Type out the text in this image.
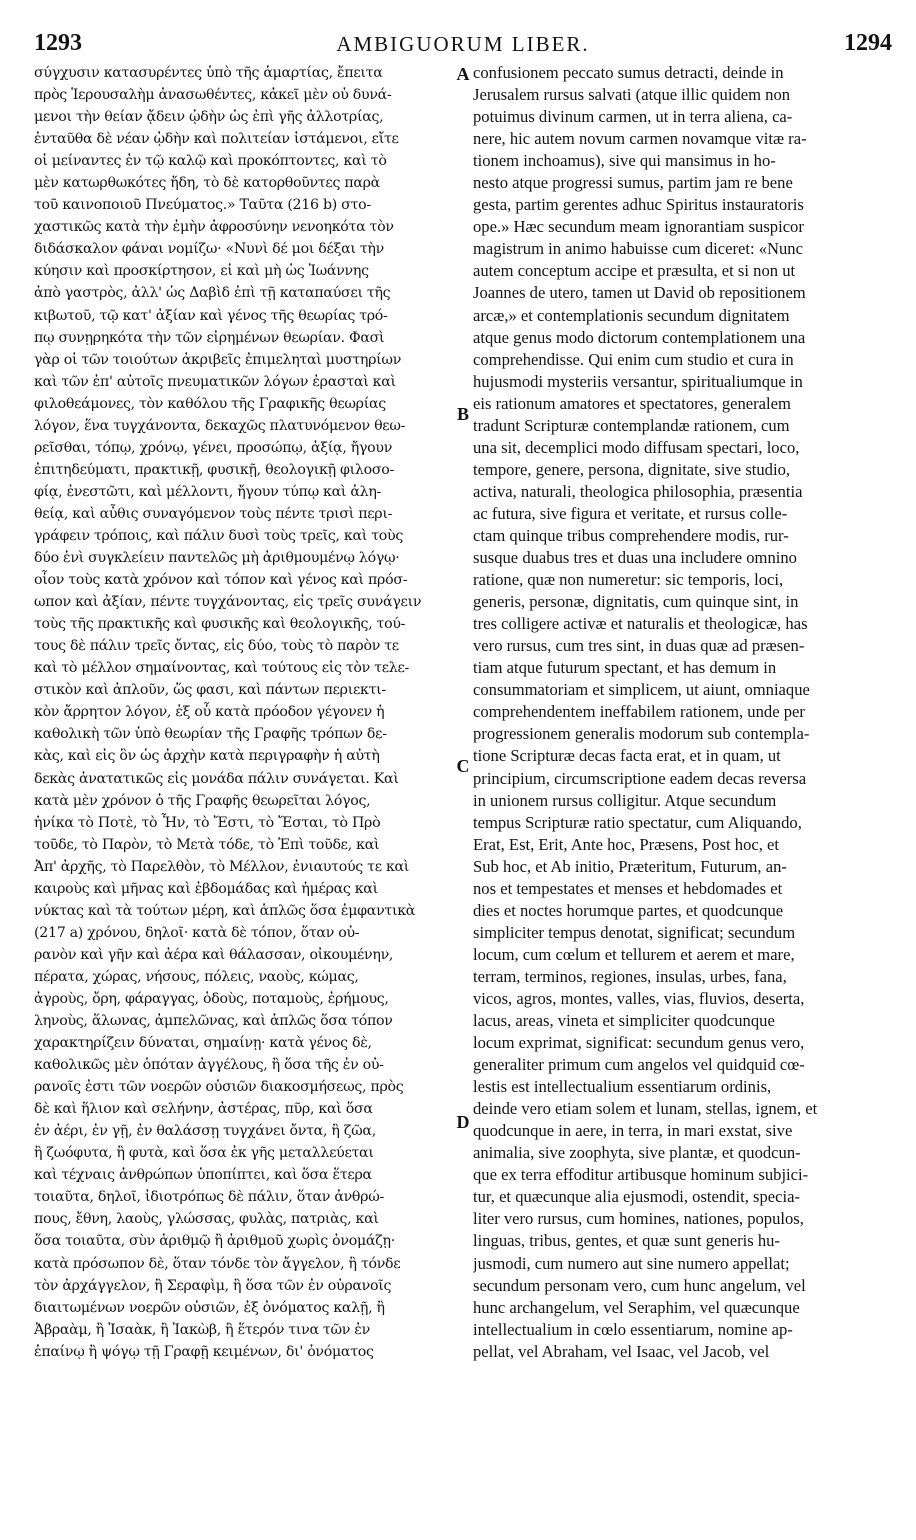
1293	AMBIGUORUM LIBER.	1294
σύγχυσιν κατασυρέντες ὑπὸ τῆς ἁμαρτίας, ἔπειτα
πρὸς Ἱερουσαλὴμ ἀνασωθέντες, κἀκεῖ μὲν οὐ δυνά-
μενοι τὴν θείαν ᾄδειν ᾠδὴν ὡς ἐπὶ γῆς ἀλλοτρίας,
ἐνταῦθα δὲ νέαν ᾠδὴν καὶ πολιτείαν ἱστάμενοι, εἴτε
οἱ μείναντες ἐν τῷ καλῷ καὶ προκόπτοντες, καὶ τὸ
μὲν κατωρθωκότες ἤδη, τὸ δὲ κατορθοῦντες παρὰ
τοῦ καινοποιοῦ Πνεύματος.» Ταῦτα (216 b) στο-
χαστικῶς κατὰ τὴν ἐμὴν ἀφροσύνην νενοηκότα τὸν
διδάσκαλον φάναι νομίζω· «Νυνὶ δέ μοι δέξαι τὴν
κύησιν καὶ προσκίρτησον, εἰ καὶ μὴ ὡς Ἰωάννης
ἀπὸ γαστρὸς, ἀλλ' ὡς Δαβὶδ ἐπὶ τῇ καταπαύσει τῆς
κιβωτοῦ, τῷ κατ' ἀξίαν καὶ γένος τῆς θεωρίας τρό-
πῳ συνῃρηκότα τὴν τῶν εἰρημένων θεωρίαν. Φασὶ
γὰρ οἱ τῶν τοιούτων ἀκριβεῖς ἐπιμεληταὶ μυστηρίων
καὶ τῶν ἐπ' αὐτοῖς πνευματικῶν λόγων ἐρασταὶ καὶ
φιλοθεάμονες, τὸν καθόλου τῆς Γραφικῆς θεωρίας
λόγον, ἕνα τυγχάνοντα, δεκαχῶς πλατυνόμενον θεω-
ρεῖσθαι, τόπῳ, χρόνῳ, γένει, προσώπῳ, ἀξίᾳ, ἤγουν
ἐπιτηδεύματι, πρακτικῇ, φυσικῇ, θεολογικῇ φιλοσο-
φίᾳ, ἐνεστῶτι, καὶ μέλλοντι, ἤγουν τύπῳ καὶ ἀλη-
θείᾳ, καὶ αὖθις συναγόμενον τοὺς πέντε τρισὶ περι-
γράφειν τρόποις, καὶ πάλιν δυσὶ τοὺς τρεῖς, καὶ τοὺς
δύο ἑνὶ συγκλείειν παντελῶς μὴ ἀριθμουμένῳ λόγῳ·
οἷον τοὺς κατὰ χρόνον καὶ τόπον καὶ γένος καὶ πρόσ-
ωπον καὶ ἀξίαν, πέντε τυγχάνοντας, εἰς τρεῖς συνάγειν
τοὺς τῆς πρακτικῆς καὶ φυσικῆς καὶ θεολογικῆς, τού-
τους δὲ πάλιν τρεῖς ὄντας, εἰς δύο, τοὺς τὸ παρὸν τε
καὶ τὸ μέλλον σημαίνοντας, καὶ τούτους εἰς τὸν τελε-
στικὸν καὶ ἁπλοῦν, ὥς φασι, καὶ πάντων περιεκτι-
κὸν ἄρρητον λόγον, ἐξ οὗ κατὰ πρόοδον γέγονεν ἡ
καθολικὴ τῶν ὑπὸ θεωρίαν τῆς Γραφῆς τρόπων δε-
κὰς, καὶ εἰς ὃν ὡς ἀρχὴν κατὰ περιγραφὴν ἡ αὐτὴ
δεκὰς ἀνατατικῶς εἰς μονάδα πάλιν συνάγεται. Καὶ
κατὰ μὲν χρόνον ὁ τῆς Γραφῆς θεωρεῖται λόγος,
ἡνίκα τὸ Ποτὲ, τὸ Ἦν, τὸ Ἔστι, τὸ Ἔσται, τὸ Πρὸ
τοῦδε, τὸ Παρὸν, τὸ Μετὰ τόδε, τὸ Ἐπὶ τοῦδε, καὶ
Ἀπ' ἀρχῆς, τὸ Παρελθὸν, τὸ Μέλλον, ἐνιαυτούς τε καὶ
καιροὺς καὶ μῆνας καὶ ἑβδομάδας καὶ ἡμέρας καὶ
νύκτας καὶ τὰ τούτων μέρη, καὶ ἁπλῶς ὅσα ἐμφαντικὰ
(217 a) χρόνου, δηλοῖ· κατὰ δὲ τόπον, ὅταν οὐ-
ρανὸν καὶ γῆν καὶ ἀέρα καὶ θάλασσαν, οἰκουμένην,
πέρατα, χώρας, νήσους, πόλεις, ναοὺς, κώμας,
ἀγροὺς, ὄρη, φάραγγας, ὁδοὺς, ποταμοὺς, ἐρήμους,
ληνοὺς, ἅλωνας, ἀμπελῶνας, καὶ ἁπλῶς ὅσα τόπον
χαρακτηρίζειν δύναται, σημαίνῃ· κατὰ γένος δὲ,
καθολικῶς μὲν ὁπόταν ἀγγέλους, ἢ ὅσα τῆς ἐν οὐ-
ρανοῖς ἐστι τῶν νοερῶν οὐσιῶν διακοσμήσεως, πρὸς
δὲ καὶ ἥλιον καὶ σελήνην, ἀστέρας, πῦρ, καὶ ὅσα
ἐν ἀέρι, ἐν γῇ, ἐν θαλάσσῃ τυγχάνει ὄντα, ἢ ζῶα,
ἢ ζωόφυτα, ἢ φυτὰ, καὶ ὅσα ἐκ γῆς μεταλλεύεται
καὶ τέχναις ἀνθρώπων ὑποπίπτει, καὶ ὅσα ἕτερα
τοιαῦτα, δηλοῖ, ἰδιοτρόπως δὲ πάλιν, ὅταν ἀνθρώ-
πους, ἔθνη, λαοὺς, γλώσσας, φυλὰς, πατριὰς, καὶ
ὅσα τοιαῦτα, σὺν ἀριθμῷ ἢ ἀριθμοῦ χωρὶς ὀνομάζῃ·
κατὰ πρόσωπον δὲ, ὅταν τόνδε τὸν ἄγγελον, ἢ τόνδε
τὸν ἀρχάγγελον, ἢ Σεραφὶμ, ἢ ὅσα τῶν ἐν οὐρανοῖς
διαιτωμένων νοερῶν οὐσιῶν, ἐξ ὀνόματος καλῇ, ἢ
Ἀβραὰμ, ἢ Ἰσαὰκ, ἢ Ἰακὼβ, ἢ ἕτερόν τινα τῶν ἐν
ἐπαίνῳ ἢ ψόγῳ τῇ Γραφῇ κειμένων, δι' ὀνόματος
confusionem peccato sumus detracti, deinde in
Jerusalem rursus salvati (atque illic quidem non
potuimus divinum carmen, ut in terra aliena, ca-
nere, hic autem novum carmen novamque vitæ ra-
tionem inchoamus), sive qui mansimus in ho-
nesto atque progressi sumus, partim jam re bene
gesta, partim gerentes adhuc Spiritus instauratoris
ope.» Hæc secundum meam ignorantiam suspicor
magistrum in animo habuisse cum diceret: «Nunc
autem conceptum accipe et præsulta, et si non ut
Joannes de utero, tamen ut David ob repositionem
arcæ,» et contemplationis secundum dignitatem
atque genus modo dictorum contemplationem una
comprehendisse. Qui enim cum studio et cura in
hujusmodi mysteriis versantur, spiritualiumque in
eis rationum amatores et spectatores, generalem
tradunt Scripturæ contemplandæ rationem, cum
una sit, decemplici modo diffusam spectari, loco,
tempore, genere, persona, dignitate, sive studio,
activa, naturali, theologica philosophia, præsentia
ac futura, sive figura et veritate, et rursus colle-
ctam quinque tribus comprehendere modis, rur-
susque duabus tres et duas una includere omnino
ratione, quæ non numeretur: sic temporis, loci,
generis, personæ, dignitatis, cum quinque sint, in
tres colligere activæ et naturalis et theologicæ, has
vero rursus, cum tres sint, in duas quæ ad præsen-
tiam atque futurum spectant, et has demum in
consummatoriam et simplicem, ut aiunt, omniaque
comprehendentem ineffabilem rationem, unde per
progressionem generalis modorum sub contempla-
tione Scripturæ decas facta erat, et in quam, ut
principium, circumscriptione eadem decas reversa
in unionem rursus colligitur. Atque secundum
tempus Scripturæ ratio spectatur, cum Aliquando,
Erat, Est, Erit, Ante hoc, Præsens, Post hoc, et
Sub hoc, et Ab initio, Præteritum, Futurum, an-
nos et tempestates et menses et hebdomades et
dies et noctes horumque partes, et quodcunque
simpliciter tempus denotat, significat; secundum
locum, cum cœlum et tellurem et aerem et mare,
terram, terminos, regiones, insulas, urbes, fana,
vicos, agros, montes, valles, vias, fluvios, deserta,
lacus, areas, vineta et simpliciter quodcunque
locum exprimat, significat: secundum genus vero,
generaliter primum cum angelos vel quidquid cœ-
lestis est intellectualium essentiarum ordinis,
deinde vero etiam solem et lunam, stellas, ignem, et
quodcunque in aere, in terra, in mari exstat, sive
animalia, sive zoophyta, sive plantæ, et quodcun-
que ex terra effoditur artibusque hominum subjici-
tur, et quæcunque alia ejusmodi, ostendit, specia-
liter vero rursus, cum homines, nationes, populos,
linguas, tribus, gentes, et quæ sunt generis hu-
jusmodi, cum numero aut sine numero appellat;
secundum personam vero, cum hunc angelum, vel
hunc archangelum, vel Seraphim, vel quæcunque
intellectualium in cœlo essentiarum, nomine ap-
pellat, vel Abraham, vel Isaac, vel Jacob, vel
A
B
C
D
